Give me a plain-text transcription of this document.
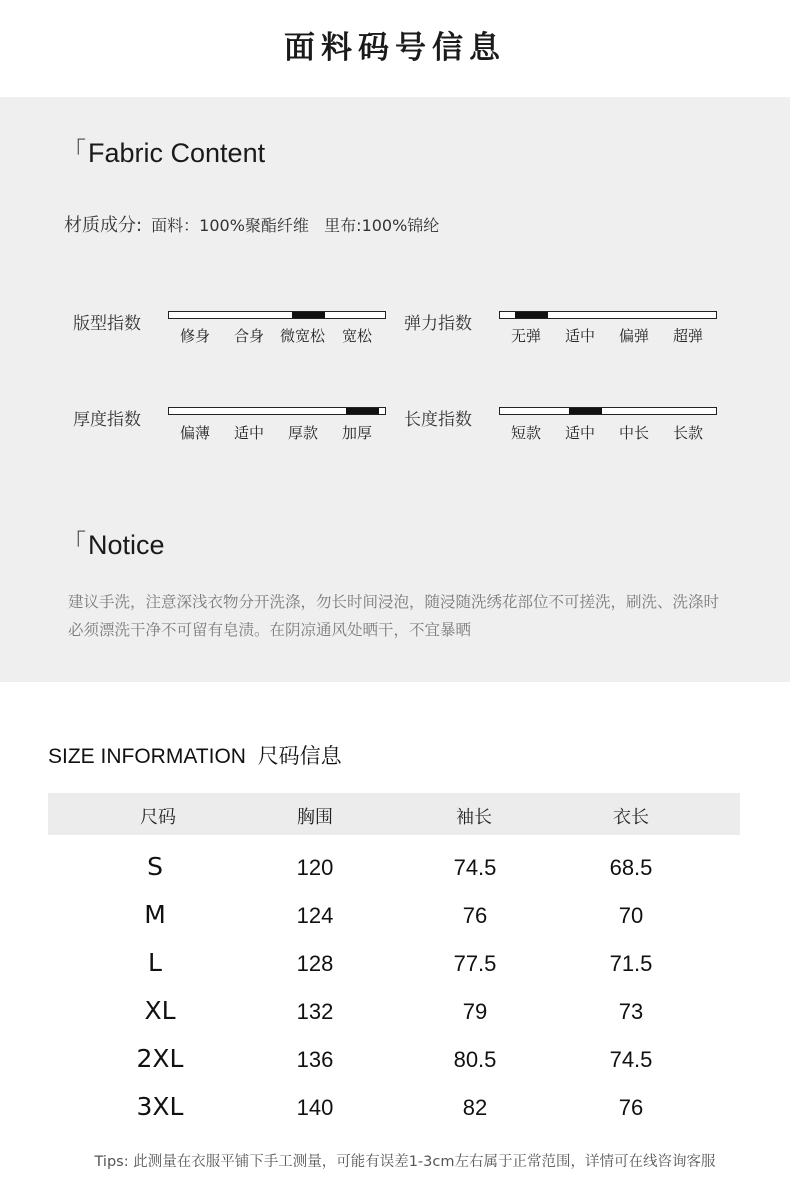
面料码号信息
「Fabric Content
材质成分: 面料：100%聚酯纤维   里布:100%锦纶
版型指数
修身 合身 微宽松 宽松
弹力指数
无弹 适中 偏弹 超弹
厚度指数
偏薄 适中 厚款 加厚
长度指数
短款 适中 中长 长款
「Notice
建议手洗，注意深浅衣物分开洗涤，勿长时间浸泡，随浸随洗绣花部位不可搓洗，刷洗、洗涤时必须漂洗干净不可留有皂渍。在阴凉通风处晒干，不宜暴晒
SIZE INFORMATION  尺码信息
尺码	胸围	袖长	衣长
S	120	74.5	68.5
M	124	76	70
L	128	77.5	71.5
XL	132	79	73
2XL	136	80.5	74.5
3XL	140	82	76
Tips: 此测量在衣服平铺下手工测量，可能有误差1-3cm左右属于正常范围，详情可在线咨询客服
